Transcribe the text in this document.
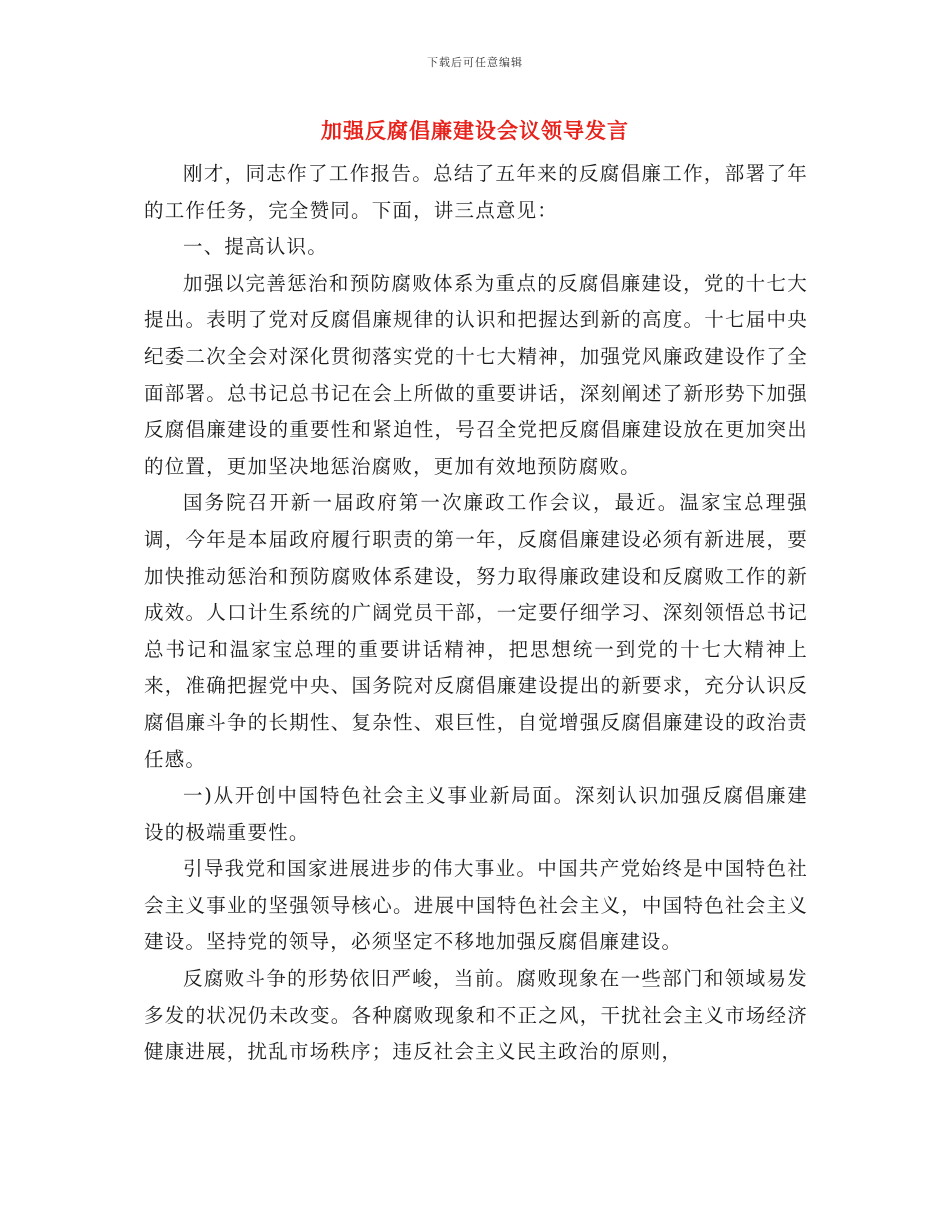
下载后可任意编辑
加强反腐倡廉建设会议领导发言

刚才，同志作了工作报告。总结了五年来的反腐倡廉工作，部署了年的工作任务，完全赞同。下面，讲三点意见：

一、提高认识。

加强以完善惩治和预防腐败体系为重点的反腐倡廉建设，党的十七大提出。表明了党对反腐倡廉规律的认识和把握达到新的高度。十七届中央纪委二次全会对深化贯彻落实党的十七大精神，加强党风廉政建设作了全面部署。总书记总书记在会上所做的重要讲话，深刻阐述了新形势下加强反腐倡廉建设的重要性和紧迫性，号召全党把反腐倡廉建设放在更加突出的位置，更加坚决地惩治腐败，更加有效地预防腐败。

国务院召开新一届政府第一次廉政工作会议，最近。温家宝总理强调，今年是本届政府履行职责的第一年，反腐倡廉建设必须有新进展，要加快推动惩治和预防腐败体系建设，努力取得廉政建设和反腐败工作的新成效。人口计生系统的广阔党员干部，一定要仔细学习、深刻领悟总书记总书记和温家宝总理的重要讲话精神，把思想统一到党的十七大精神上来，准确把握党中央、国务院对反腐倡廉建设提出的新要求，充分认识反腐倡廉斗争的长期性、复杂性、艰巨性，自觉增强反腐倡廉建设的政治责任感。

一)从开创中国特色社会主义事业新局面。深刻认识加强反腐倡廉建设的极端重要性。

引导我党和国家进展进步的伟大事业。中国共产党始终是中国特色社会主义事业的坚强领导核心。进展中国特色社会主义，中国特色社会主义建设。坚持党的领导，必须坚定不移地加强反腐倡廉建设。

反腐败斗争的形势依旧严峻，当前。腐败现象在一些部门和领域易发多发的状况仍未改变。各种腐败现象和不正之风，干扰社会主义市场经济健康进展，扰乱市场秩序；违反社会主义民主政治的原则，
